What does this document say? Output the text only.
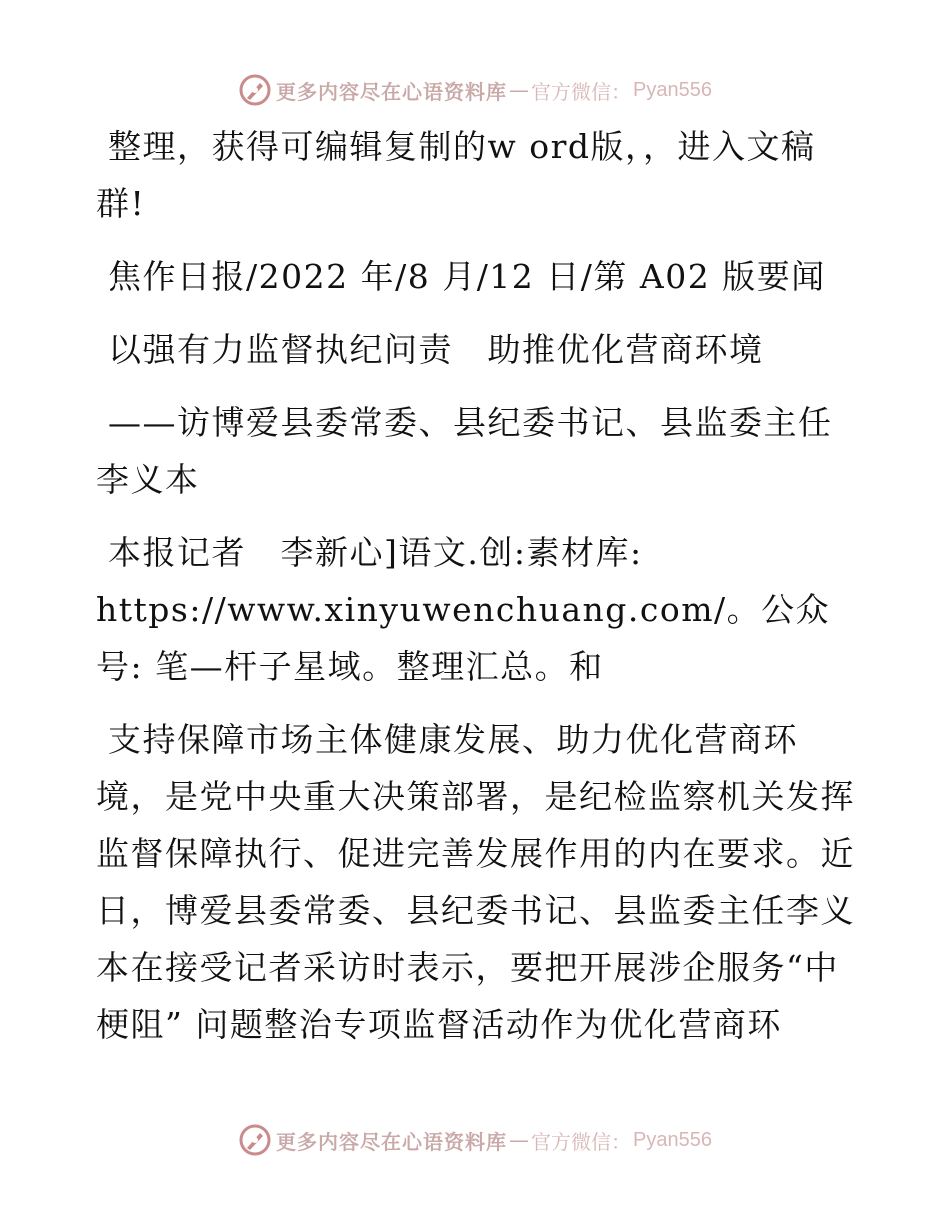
更多内容尽在心语资料库 — 官方微信： Pyan556

整理，获得可编辑复制的w ord版，，进入文稿群!

焦作日报/2022 年/8 月/12 日/第 A02 版要闻

以强有力监督执纪问责　助推优化营商环境

——访博爱县委常委、县纪委书记、县监委主任李义本

本报记者　李新心]语文.创:素材库: https://www.xinyuwenchuang.com/。公众号: 笔—杆子星域。整理汇总。和

支持保障市场主体健康发展、助力优化营商环境，是党中央重大决策部署，是纪检监察机关发挥监督保障执行、促进完善发展作用的内在要求。近日，博爱县委常委、县纪委书记、县监委主任李义本在接受记者采访时表示，要把开展涉企服务“中梗阻” 问题整治专项监督活动作为优化营商环

更多内容尽在心语资料库 — 官方微信： Pyan556
